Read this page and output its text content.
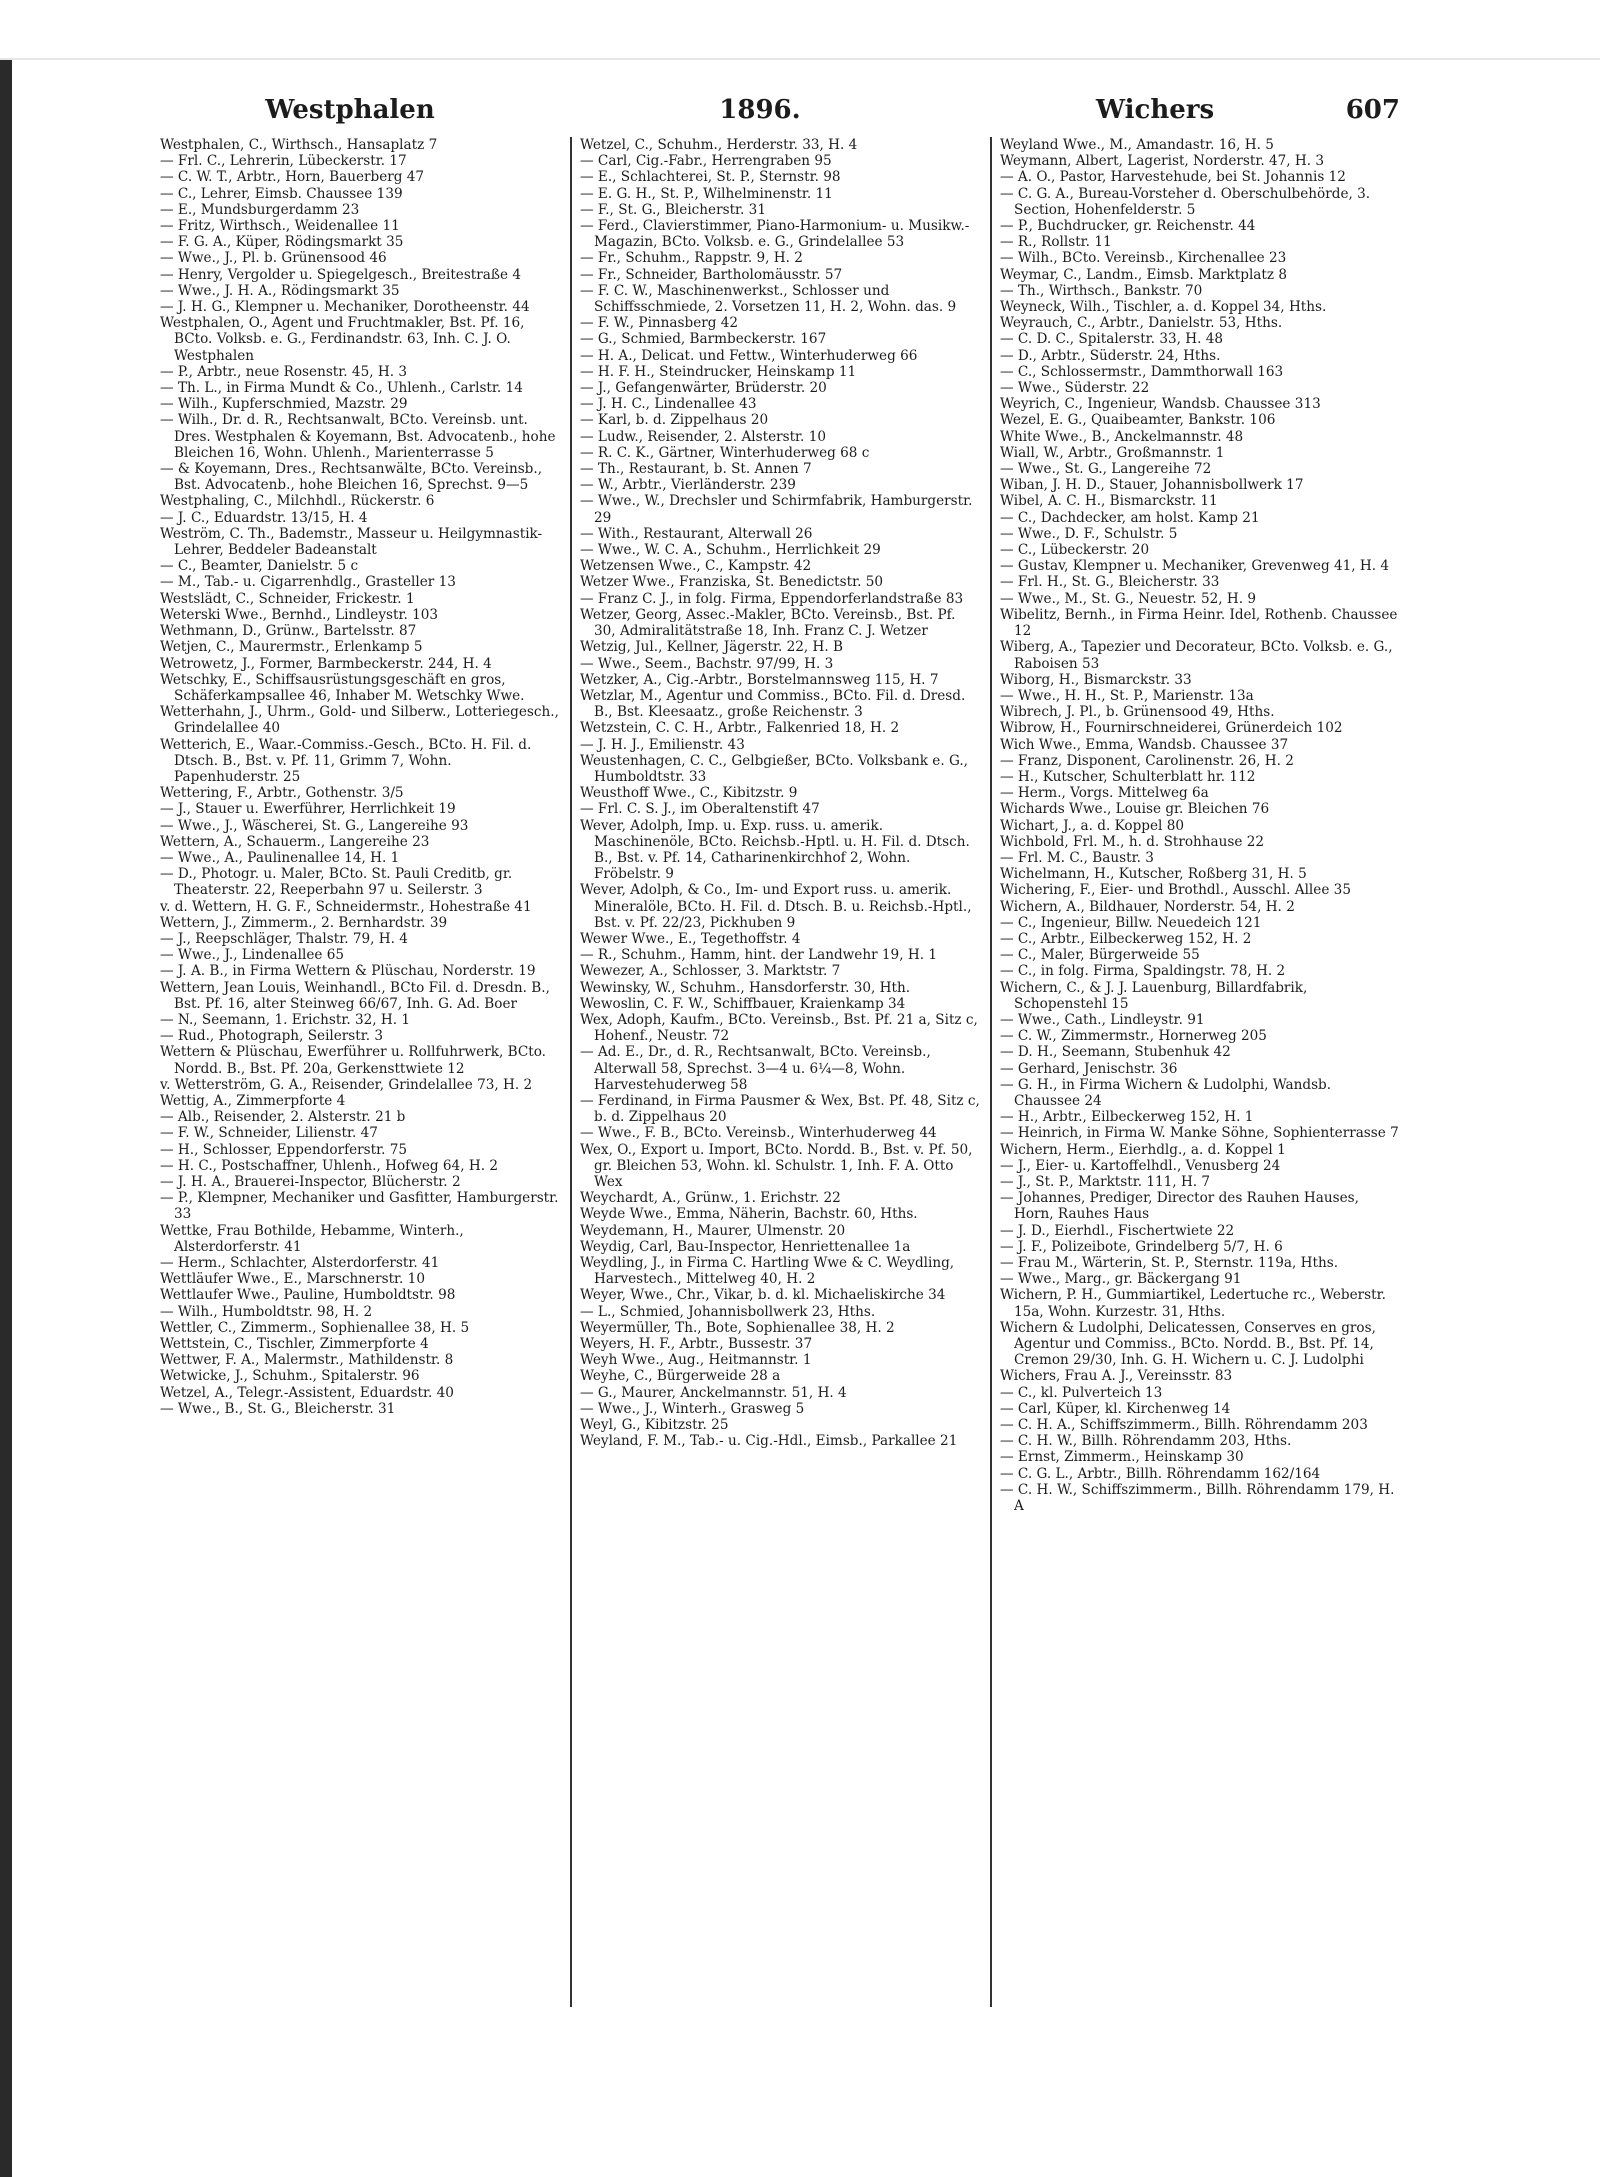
Westphalen	1896.	Wichers	607

Westphalen, C., Wirthsch., Hansaplatz 7

— Frl. C., Lehrerin, Lübeckerstr. 17

— C. W. T., Arbtr., Horn, Bauerberg 47

— C., Lehrer, Eimsb. Chaussee 139

— E., Mundsburgerdamm 23

— Fritz, Wirthsch., Weidenallee 11

— F. G. A., Küper, Rödingsmarkt 35

— Wwe., J., Pl. b. Grünensood 46

— Henry, Vergolder u. Spiegelgesch., Breitestraße 4

— Wwe., J. H. A., Rödingsmarkt 35

— J. H. G., Klempner u. Mechaniker, Dorotheenstr. 44

Westphalen, O., Agent und Fruchtmakler, Bst. Pf. 16, BCto. Volksb. e. G., Ferdinandstr. 63, Inh. C. J. O. Westphalen

— P., Arbtr., neue Rosenstr. 45, H. 3

— Th. L., in Firma Mundt & Co., Uhlenh., Carlstr. 14

— Wilh., Kupferschmied, Mazstr. 29

— Wilh., Dr. d. R., Rechtsanwalt, BCto. Vereinsb. unt. Dres. Westphalen & Koyemann, Bst. Advocatenb., hohe Bleichen 16, Wohn. Uhlenh., Marienterrasse 5

— & Koyemann, Dres., Rechtsanwälte, BCto. Vereinsb., Bst. Advocatenb., hohe Bleichen 16, Sprechst. 9—5

Westphaling, C., Milchhdl., Rückerstr. 6

— J. C., Eduardstr. 13/15, H. 4

Weström, C. Th., Bademstr., Masseur u. Heilgymnastik-Lehrer, Beddeler Badeanstalt

— C., Beamter, Danielstr. 5 c

— M., Tab.- u. Cigarrenhdlg., Grasteller 13

Westslädt, C., Schneider, Frickestr. 1

Weterski Wwe., Bernhd., Lindleystr. 103

Wethmann, D., Grünw., Bartelsstr. 87

Wetjen, C., Maurermstr., Erlenkamp 5

Wetrowetz, J., Former, Barmbeckerstr. 244, H. 4

Wetschky, E., Schiffsausrüstungsgeschäft en gros, Schäferkampsallee 46, Inhaber M. Wetschky Wwe.

Wetterhahn, J., Uhrm., Gold- und Silberw., Lotteriegesch., Grindelallee 40

Wetterich, E., Waar.-Commiss.-Gesch., BCto. H. Fil. d. Dtsch. B., Bst. v. Pf. 11, Grimm 7, Wohn. Papenhuderstr. 25

Wettering, F., Arbtr., Gothenstr. 3/5

— J., Stauer u. Ewerführer, Herrlichkeit 19

— Wwe., J., Wäscherei, St. G., Langereihe 93

Wettern, A., Schauerm., Langereihe 23

— Wwe., A., Paulinenallee 14, H. 1

— D., Photogr. u. Maler, BCto. St. Pauli Creditb, gr. Theaterstr. 22, Reeperbahn 97 u. Seilerstr. 3

v. d. Wettern, H. G. F., Schneidermstr., Hohestraße 41

Wettern, J., Zimmerm., 2. Bernhardstr. 39

— J., Reepschläger, Thalstr. 79, H. 4

— Wwe., J., Lindenallee 65

— J. A. B., in Firma Wettern & Plüschau, Norderstr. 19

Wettern, Jean Louis, Weinhandl., BCto Fil. d. Dresdn. B., Bst. Pf. 16, alter Steinweg 66/67, Inh. G. Ad. Boer

— N., Seemann, 1. Erichstr. 32, H. 1

— Rud., Photograph, Seilerstr. 3

Wettern & Plüschau, Ewerführer u. Rollfuhrwerk, BCto. Nordd. B., Bst. Pf. 20a, Gerkensttwiete 12

v. Wetterström, G. A., Reisender, Grindelallee 73, H. 2

Wettig, A., Zimmerpforte 4

— Alb., Reisender, 2. Alsterstr. 21 b

— F. W., Schneider, Lilienstr. 47

— H., Schlosser, Eppendorferstr. 75

— H. C., Postschaffner, Uhlenh., Hofweg 64, H. 2

— J. H. A., Brauerei-Inspector, Blücherstr. 2

— P., Klempner, Mechaniker und Gasfitter, Hamburgerstr. 33

Wettke, Frau Bothilde, Hebamme, Winterh., Alsterdorferstr. 41

— Herm., Schlachter, Alsterdorferstr. 41

Wettläufer Wwe., E., Marschnerstr. 10

Wettlaufer Wwe., Pauline, Humboldtstr. 98

— Wilh., Humboldtstr. 98, H. 2

Wettler, C., Zimmerm., Sophienallee 38, H. 5

Wettstein, C., Tischler, Zimmerpforte 4

Wettwer, F. A., Malermstr., Mathildenstr. 8

Wetwicke, J., Schuhm., Spitalerstr. 96

Wetzel, A., Telegr.-Assistent, Eduardstr. 40

— Wwe., B., St. G., Bleicherstr. 31

Wetzel, C., Schuhm., Herderstr. 33, H. 4

— Carl, Cig.-Fabr., Herrengraben 95

— E., Schlachterei, St. P., Sternstr. 98

— E. G. H., St. P., Wilhelminenstr. 11

— F., St. G., Bleicherstr. 31

— Ferd., Clavierstimmer, Piano-Harmonium- u. Musikw.-Magazin, BCto. Volksb. e. G., Grindelallee 53

— Fr., Schuhm., Rappstr. 9, H. 2

— Fr., Schneider, Bartholomäusstr. 57

— F. C. W., Maschinenwerkst., Schlosser und Schiffsschmiede, 2. Vorsetzen 11, H. 2, Wohn. das. 9

— F. W., Pinnasberg 42

— G., Schmied, Barmbeckerstr. 167

— H. A., Delicat. und Fettw., Winterhuderweg 66

— H. F. H., Steindrucker, Heinskamp 11

— J., Gefangenwärter, Brüderstr. 20

— J. H. C., Lindenallee 43

— Karl, b. d. Zippelhaus 20

— Ludw., Reisender, 2. Alsterstr. 10

— R. C. K., Gärtner, Winterhuderweg 68 c

— Th., Restaurant, b. St. Annen 7

— W., Arbtr., Vierländerstr. 239

— Wwe., W., Drechsler und Schirmfabrik, Hamburgerstr. 29

— With., Restaurant, Alterwall 26

— Wwe., W. C. A., Schuhm., Herrlichkeit 29

Wetzensen Wwe., C., Kampstr. 42

Wetzer Wwe., Franziska, St. Benedictstr. 50

— Franz C. J., in folg. Firma, Eppendorferlandstraße 83

Wetzer, Georg, Assec.-Makler, BCto. Vereinsb., Bst. Pf. 30, Admiralitätstraße 18, Inh. Franz C. J. Wetzer

Wetzig, Jul., Kellner, Jägerstr. 22, H. B

— Wwe., Seem., Bachstr. 97/99, H. 3

Wetzker, A., Cig.-Arbtr., Borstelmannsweg 115, H. 7

Wetzlar, M., Agentur und Commiss., BCto. Fil. d. Dresd. B., Bst. Kleesaatz., große Reichenstr. 3

Wetzstein, C. C. H., Arbtr., Falkenried 18, H. 2

— J. H. J., Emilienstr. 43

Weustenhagen, C. C., Gelbgießer, BCto. Volksbank e. G., Humboldtstr. 33

Weusthoff Wwe., C., Kibitzstr. 9

— Frl. C. S. J., im Oberaltenstift 47

Wever, Adolph, Imp. u. Exp. russ. u. amerik. Maschinenöle, BCto. Reichsb.-Hptl. u. H. Fil. d. Dtsch. B., Bst. v. Pf. 14, Catharinenkirchhof 2, Wohn. Fröbelstr. 9

Wever, Adolph, & Co., Im- und Export russ. u. amerik. Mineralöle, BCto. H. Fil. d. Dtsch. B. u. Reichsb.-Hptl., Bst. v. Pf. 22/23, Pickhuben 9

Wewer Wwe., E., Tegethoffstr. 4

— R., Schuhm., Hamm, hint. der Landwehr 19, H. 1

Wewezer, A., Schlosser, 3. Marktstr. 7

Wewinsky, W., Schuhm., Hansdorferstr. 30, Hth.

Wewoslin, C. F. W., Schiffbauer, Kraienkamp 34

Wex, Adoph, Kaufm., BCto. Vereinsb., Bst. Pf. 21 a, Sitz c, Hohenf., Neustr. 72

— Ad. E., Dr., d. R., Rechtsanwalt, BCto. Vereinsb., Alterwall 58, Sprechst. 3—4 u. 6¼—8, Wohn. Harvestehuderweg 58

— Ferdinand, in Firma Pausmer & Wex, Bst. Pf. 48, Sitz c, b. d. Zippelhaus 20

— Wwe., F. B., BCto. Vereinsb., Winterhuderweg 44

Wex, O., Export u. Import, BCto. Nordd. B., Bst. v. Pf. 50, gr. Bleichen 53, Wohn. kl. Schulstr. 1, Inh. F. A. Otto Wex

Weychardt, A., Grünw., 1. Erichstr. 22

Weyde Wwe., Emma, Näherin, Bachstr. 60, Hths.

Weydemann, H., Maurer, Ulmenstr. 20

Weydig, Carl, Bau-Inspector, Henriettenallee 1a

Weydling, J., in Firma C. Hartling Wwe & C. Weydling, Harvestech., Mittelweg 40, H. 2

Weyer, Wwe., Chr., Vikar, b. d. kl. Michaeliskirche 34

— L., Schmied, Johannisbollwerk 23, Hths.

Weyermüller, Th., Bote, Sophienallee 38, H. 2

Weyers, H. F., Arbtr., Bussestr. 37

Weyh Wwe., Aug., Heitmannstr. 1

Weyhe, C., Bürgerweide 28 a

— G., Maurer, Anckelmannstr. 51, H. 4

— Wwe., J., Winterh., Grasweg 5

Weyl, G., Kibitzstr. 25

Weyland, F. M., Tab.- u. Cig.-Hdl., Eimsb., Parkallee 21

Weyland Wwe., M., Amandastr. 16, H. 5

Weymann, Albert, Lagerist, Norderstr. 47, H. 3

— A. O., Pastor, Harvestehude, bei St. Johannis 12

— C. G. A., Bureau-Vorsteher d. Oberschulbehörde, 3. Section, Hohenfelderstr. 5

— P., Buchdrucker, gr. Reichenstr. 44

— R., Rollstr. 11

— Wilh., BCto. Vereinsb., Kirchenallee 23

Weymar, C., Landm., Eimsb. Marktplatz 8

— Th., Wirthsch., Bankstr. 70

Weyneck, Wilh., Tischler, a. d. Koppel 34, Hths.

Weyrauch, C., Arbtr., Danielstr. 53, Hths.

— C. D. C., Spitalerstr. 33, H. 48

— D., Arbtr., Süderstr. 24, Hths.

— C., Schlossermstr., Dammthorwall 163

— Wwe., Süderstr. 22

Weyrich, C., Ingenieur, Wandsb. Chaussee 313

Wezel, E. G., Quaibeamter, Bankstr. 106

White Wwe., B., Anckelmannstr. 48

Wiall, W., Arbtr., Großmannstr. 1

— Wwe., St. G., Langereihe 72

Wiban, J. H. D., Stauer, Johannisbollwerk 17

Wibel, A. C. H., Bismarckstr. 11

— C., Dachdecker, am holst. Kamp 21

— Wwe., D. F., Schulstr. 5

— C., Lübeckerstr. 20

— Gustav, Klempner u. Mechaniker, Grevenweg 41, H. 4

— Frl. H., St. G., Bleicherstr. 33

— Wwe., M., St. G., Neuestr. 52, H. 9

Wibelitz, Bernh., in Firma Heinr. Idel, Rothenb. Chaussee 12

Wiberg, A., Tapezier und Decorateur, BCto. Volksb. e. G., Raboisen 53

Wiborg, H., Bismarckstr. 33

— Wwe., H. H., St. P., Marienstr. 13a

Wibrech, J. Pl., b. Grünensood 49, Hths.

Wibrow, H., Fournirschneiderei, Grünerdeich 102

Wich Wwe., Emma, Wandsb. Chaussee 37

— Franz, Disponent, Carolinenstr. 26, H. 2

— H., Kutscher, Schulterblatt hr. 112

— Herm., Vorgs. Mittelweg 6a

Wichards Wwe., Louise gr. Bleichen 76

Wichart, J., a. d. Koppel 80

Wichbold, Frl. M., h. d. Strohhause 22

— Frl. M. C., Baustr. 3

Wichelmann, H., Kutscher, Roßberg 31, H. 5

Wichering, F., Eier- und Brothdl., Ausschl. Allee 35

Wichern, A., Bildhauer, Norderstr. 54, H. 2

— C., Ingenieur, Billw. Neuedeich 121

— C., Arbtr., Eilbeckerweg 152, H. 2

— C., Maler, Bürgerweide 55

— C., in folg. Firma, Spaldingstr. 78, H. 2

Wichern, C., & J. J. Lauenburg, Billardfabrik, Schopenstehl 15

— Wwe., Cath., Lindleystr. 91

— C. W., Zimmermstr., Hornerweg 205

— D. H., Seemann, Stubenhuk 42

— Gerhard, Jenischstr. 36

— G. H., in Firma Wichern & Ludolphi, Wandsb. Chaussee 24

— H., Arbtr., Eilbeckerweg 152, H. 1

— Heinrich, in Firma W. Manke Söhne, Sophienterrasse 7

Wichern, Herm., Eierhdlg., a. d. Koppel 1

— J., Eier- u. Kartoffelhdl., Venusberg 24

— J., St. P., Marktstr. 111, H. 7

— Johannes, Prediger, Director des Rauhen Hauses, Horn, Rauhes Haus

— J. D., Eierhdl., Fischertwiete 22

— J. F., Polizeibote, Grindelberg 5/7, H. 6

— Frau M., Wärterin, St. P., Sternstr. 119a, Hths.

— Wwe., Marg., gr. Bäckergang 91

Wichern, P. H., Gummiartikel, Ledertuche rc., Weberstr. 15a, Wohn. Kurzestr. 31, Hths.

Wichern & Ludolphi, Delicatessen, Conserves en gros, Agentur und Commiss., BCto. Nordd. B., Bst. Pf. 14, Cremon 29/30, Inh. G. H. Wichern u. C. J. Ludolphi

Wichers, Frau A. J., Vereinsstr. 83

— C., kl. Pulverteich 13

— Carl, Küper, kl. Kirchenweg 14

— C. H. A., Schiffszimmerm., Billh. Röhrendamm 203

— C. H. W., Billh. Röhrendamm 203, Hths.

— Ernst, Zimmerm., Heinskamp 30

— C. G. L., Arbtr., Billh. Röhrendamm 162/164

— C. H. W., Schiffszimmerm., Billh. Röhrendamm 179, H. A
